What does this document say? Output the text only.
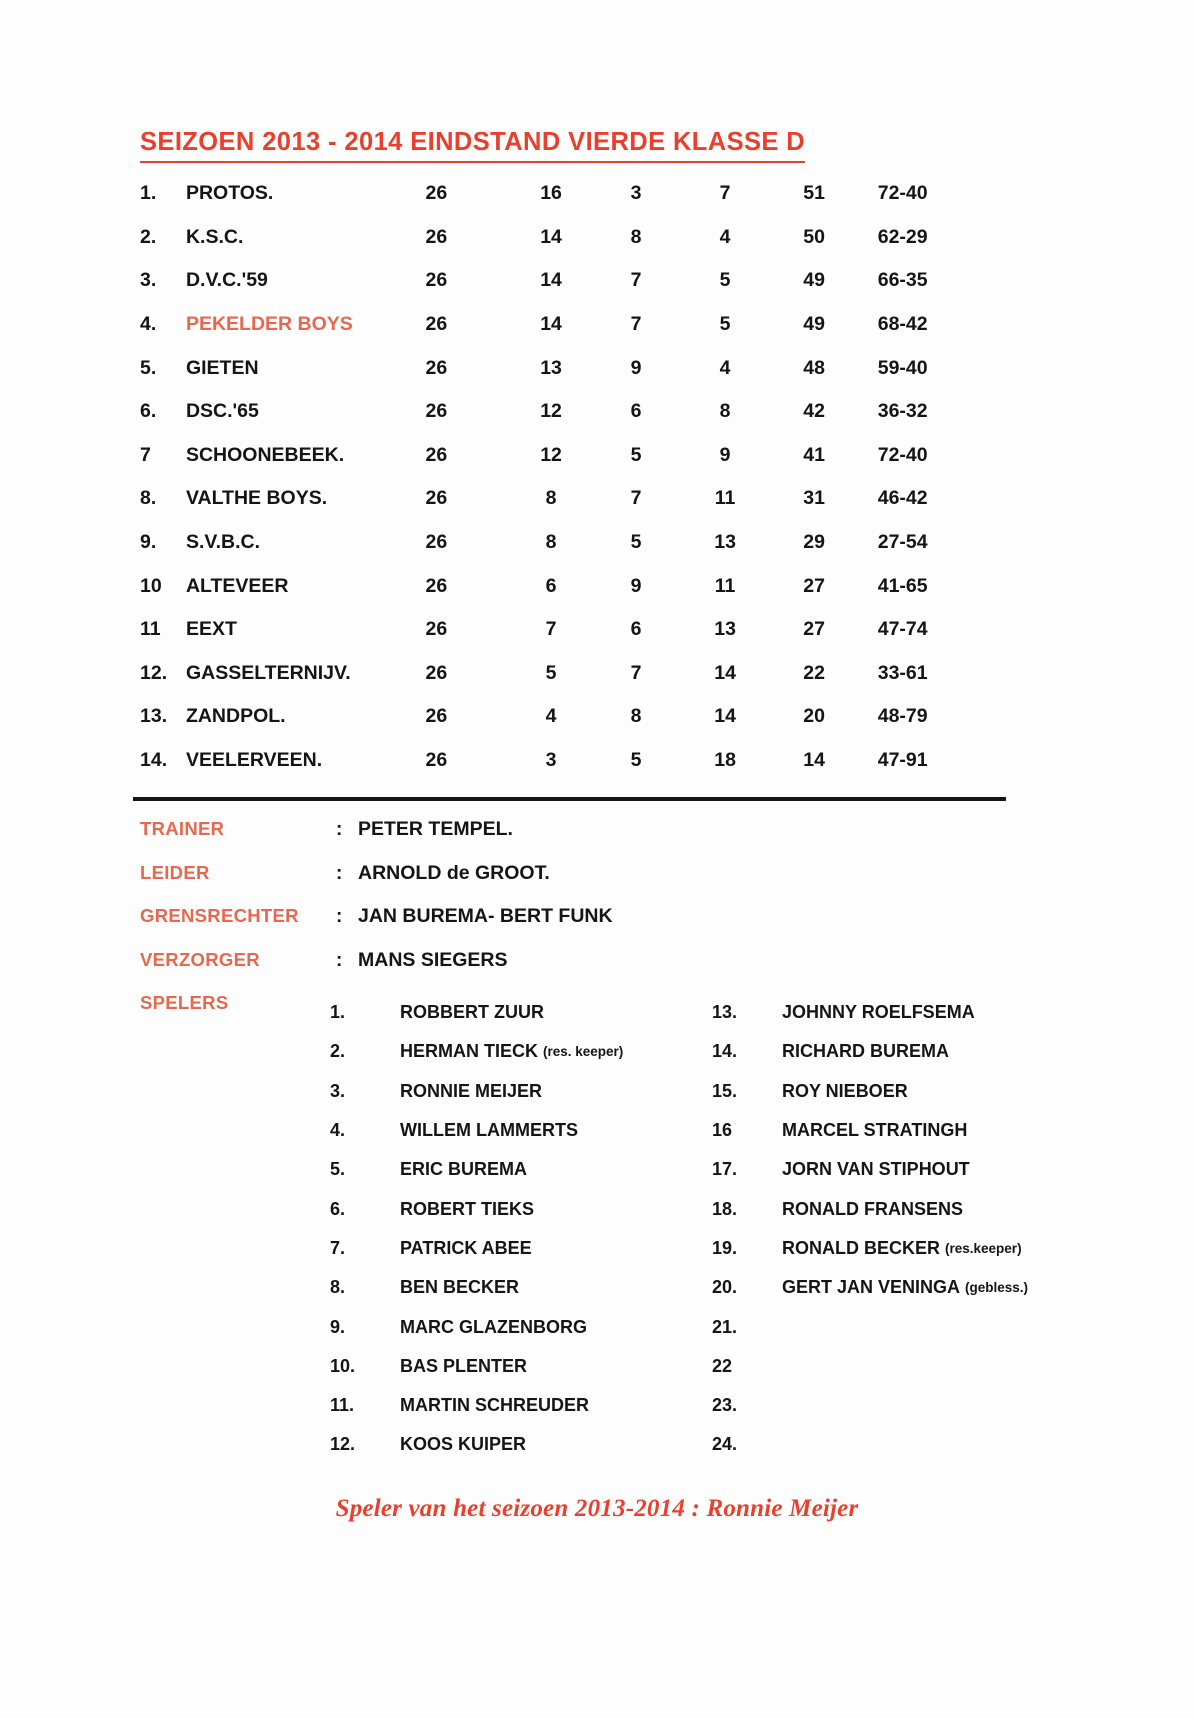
SEIZOEN 2013 - 2014 EINDSTAND VIERDE KLASSE D
1.	PROTOS.	26	16	3	7	51	72-40
2.	K.S.C.	26	14	8	4	50	62-29
3.	D.V.C.'59	26	14	7	5	49	66-35
4.	PEKELDER BOYS	26	14	7	5	49	68-42
5.	GIETEN	26	13	9	4	48	59-40
6.	DSC.'65	26	12	6	8	42	36-32
7	SCHOONEBEEK.	26	12	5	9	41	72-40
8.	VALTHE BOYS.	26	8	7	11	31	46-42
9.	S.V.B.C.	26	8	5	13	29	27-54
10	ALTEVEER	26	6	9	11	27	41-65
11	EEXT	26	7	6	13	27	47-74
12.	GASSELTERNIJV.	26	5	7	14	22	33-61
13.	ZANDPOL.	26	4	8	14	20	48-79
14.	VEELERVEEN.	26	3	5	18	14	47-91
TRAINER	: PETER TEMPEL.
LEIDER	: ARNOLD de GROOT.
GRENSRECHTER	: JAN BUREMA- BERT FUNK
VERZORGER	: MANS SIEGERS
SPELERS	1.	ROBBERT ZUUR	13.	JOHNNY ROELFSEMA
2.	HERMAN TIECK (res. keeper)	14.	RICHARD BUREMA
3.	RONNIE MEIJER	15.	ROY NIEBOER
4.	WILLEM LAMMERTS	16	MARCEL STRATINGH
5.	ERIC BUREMA	17.	JORN VAN STIPHOUT
6.	ROBERT TIEKS	18.	RONALD FRANSENS
7.	PATRICK ABEE	19.	RONALD BECKER (res.keeper)
8.	BEN BECKER	20.	GERT JAN VENINGA (gebless.)
9.	MARC GLAZENBORG	21.
10.	BAS PLENTER	22
11.	MARTIN SCHREUDER	23.
12.	KOOS KUIPER	24.
Speler van het seizoen 2013-2014 : Ronnie Meijer
